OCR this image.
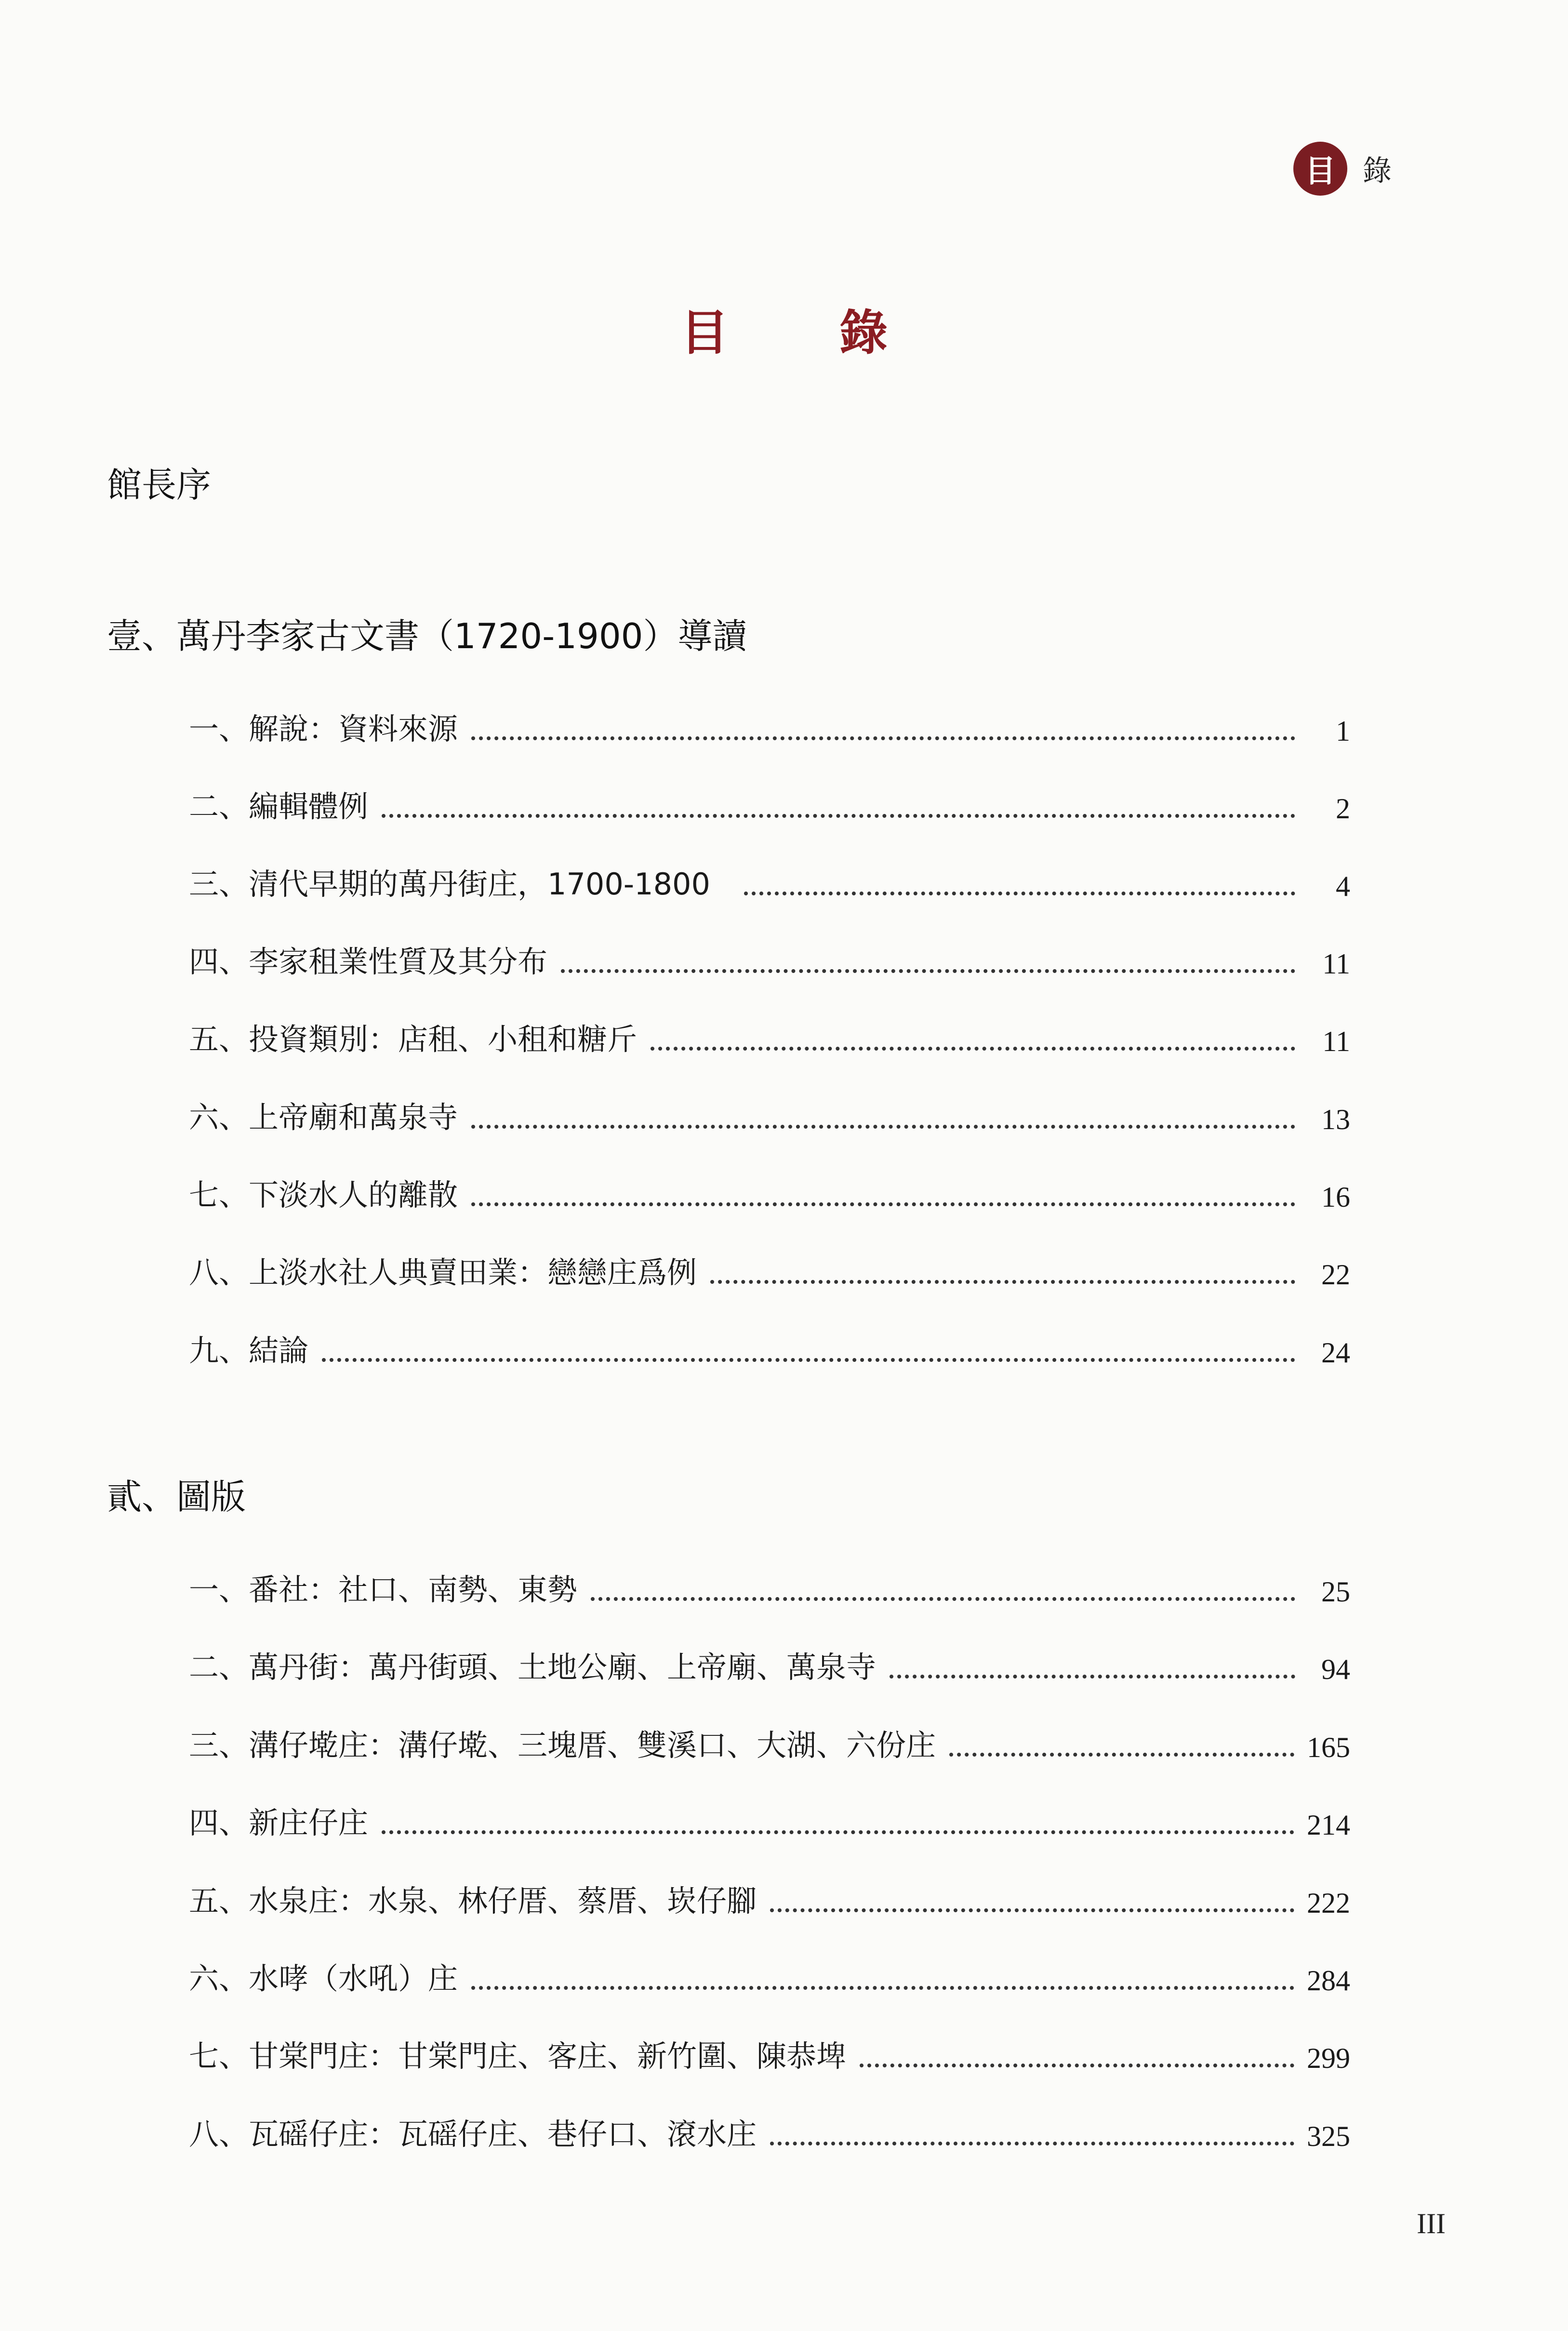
目 錄
目 錄
館長序
壹、萬丹李家古文書（1720-1900）導讀
一、解說：資料來源	1
二、編輯體例	2
三、清代早期的萬丹街庄，1700-1800	4
四、李家租業性質及其分布	11
五、投資類別：店租、小租和糖斤	11
六、上帝廟和萬泉寺	13
七、下淡水人的離散	16
八、上淡水社人典賣田業：戀戀庄爲例	22
九、結論	24
貳、圖版
一、番社：社口、南勢、東勢	25
二、萬丹街：萬丹街頭、土地公廟、上帝廟、萬泉寺	94
三、溝仔墘庄：溝仔墘、三塊厝、雙溪口、大湖、六份庄	165
四、新庄仔庄	214
五、水泉庄：水泉、林仔厝、蔡厝、崁仔腳	222
六、水哮（水吼）庄	284
七、甘棠門庄：甘棠門庄、客庄、新竹圍、陳恭埤	299
八、瓦磘仔庄：瓦磘仔庄、巷仔口、滾水庄	325
III
